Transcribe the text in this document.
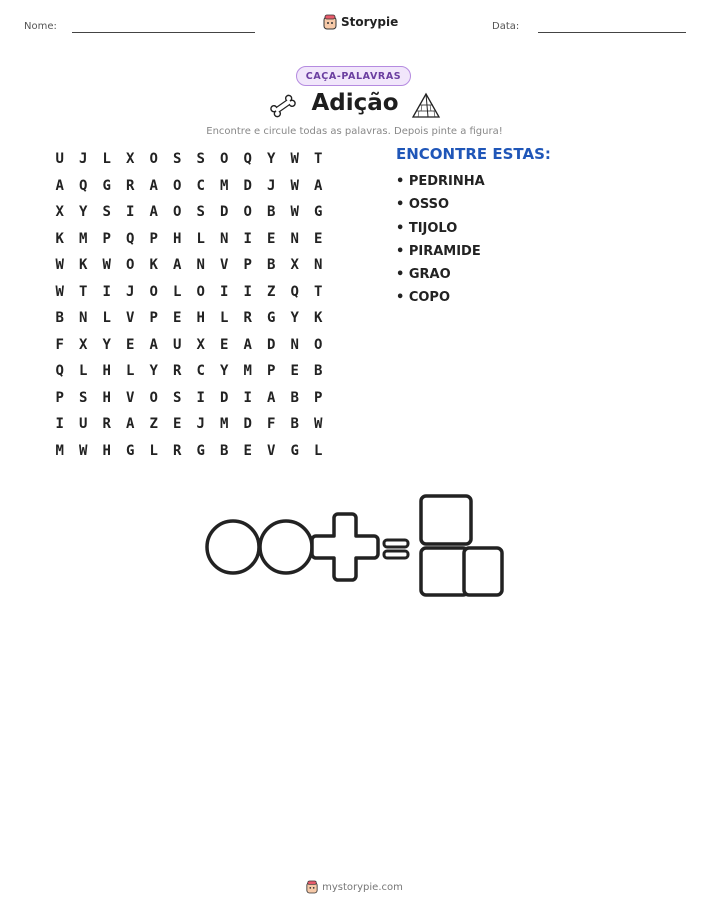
Nome:	Storypie	Data:
CAÇA-PALAVRAS
Adição
Encontre e circule todas as palavras. Depois pinte a figura!
U	J	L	X	O	S	S	O	Q	Y	W	T
A	Q	G	R	A	O	C	M	D	J	W	A
X	Y	S	I	A	O	S	D	O	B	W	G
K	M	P	Q	P	H	L	N	I	E	N	E
W	K	W	O	K	A	N	V	P	B	X	N
W	T	I	J	O	L	O	I	I	Z	Q	T
B	N	L	V	P	E	H	L	R	G	Y	K
F	X	Y	E	A	U	X	E	A	D	N	O
Q	L	H	L	Y	R	C	Y	M	P	E	B
P	S	H	V	O	S	I	D	I	A	B	P
I	U	R	A	Z	E	J	M	D	F	B	W
M	W	H	G	L	R	G	B	E	V	G	L
ENCONTRE ESTAS:
• PEDRINHA
• OSSO
• TIJOLO
• PIRAMIDE
• GRAO
• COPO
mystorypie.com
